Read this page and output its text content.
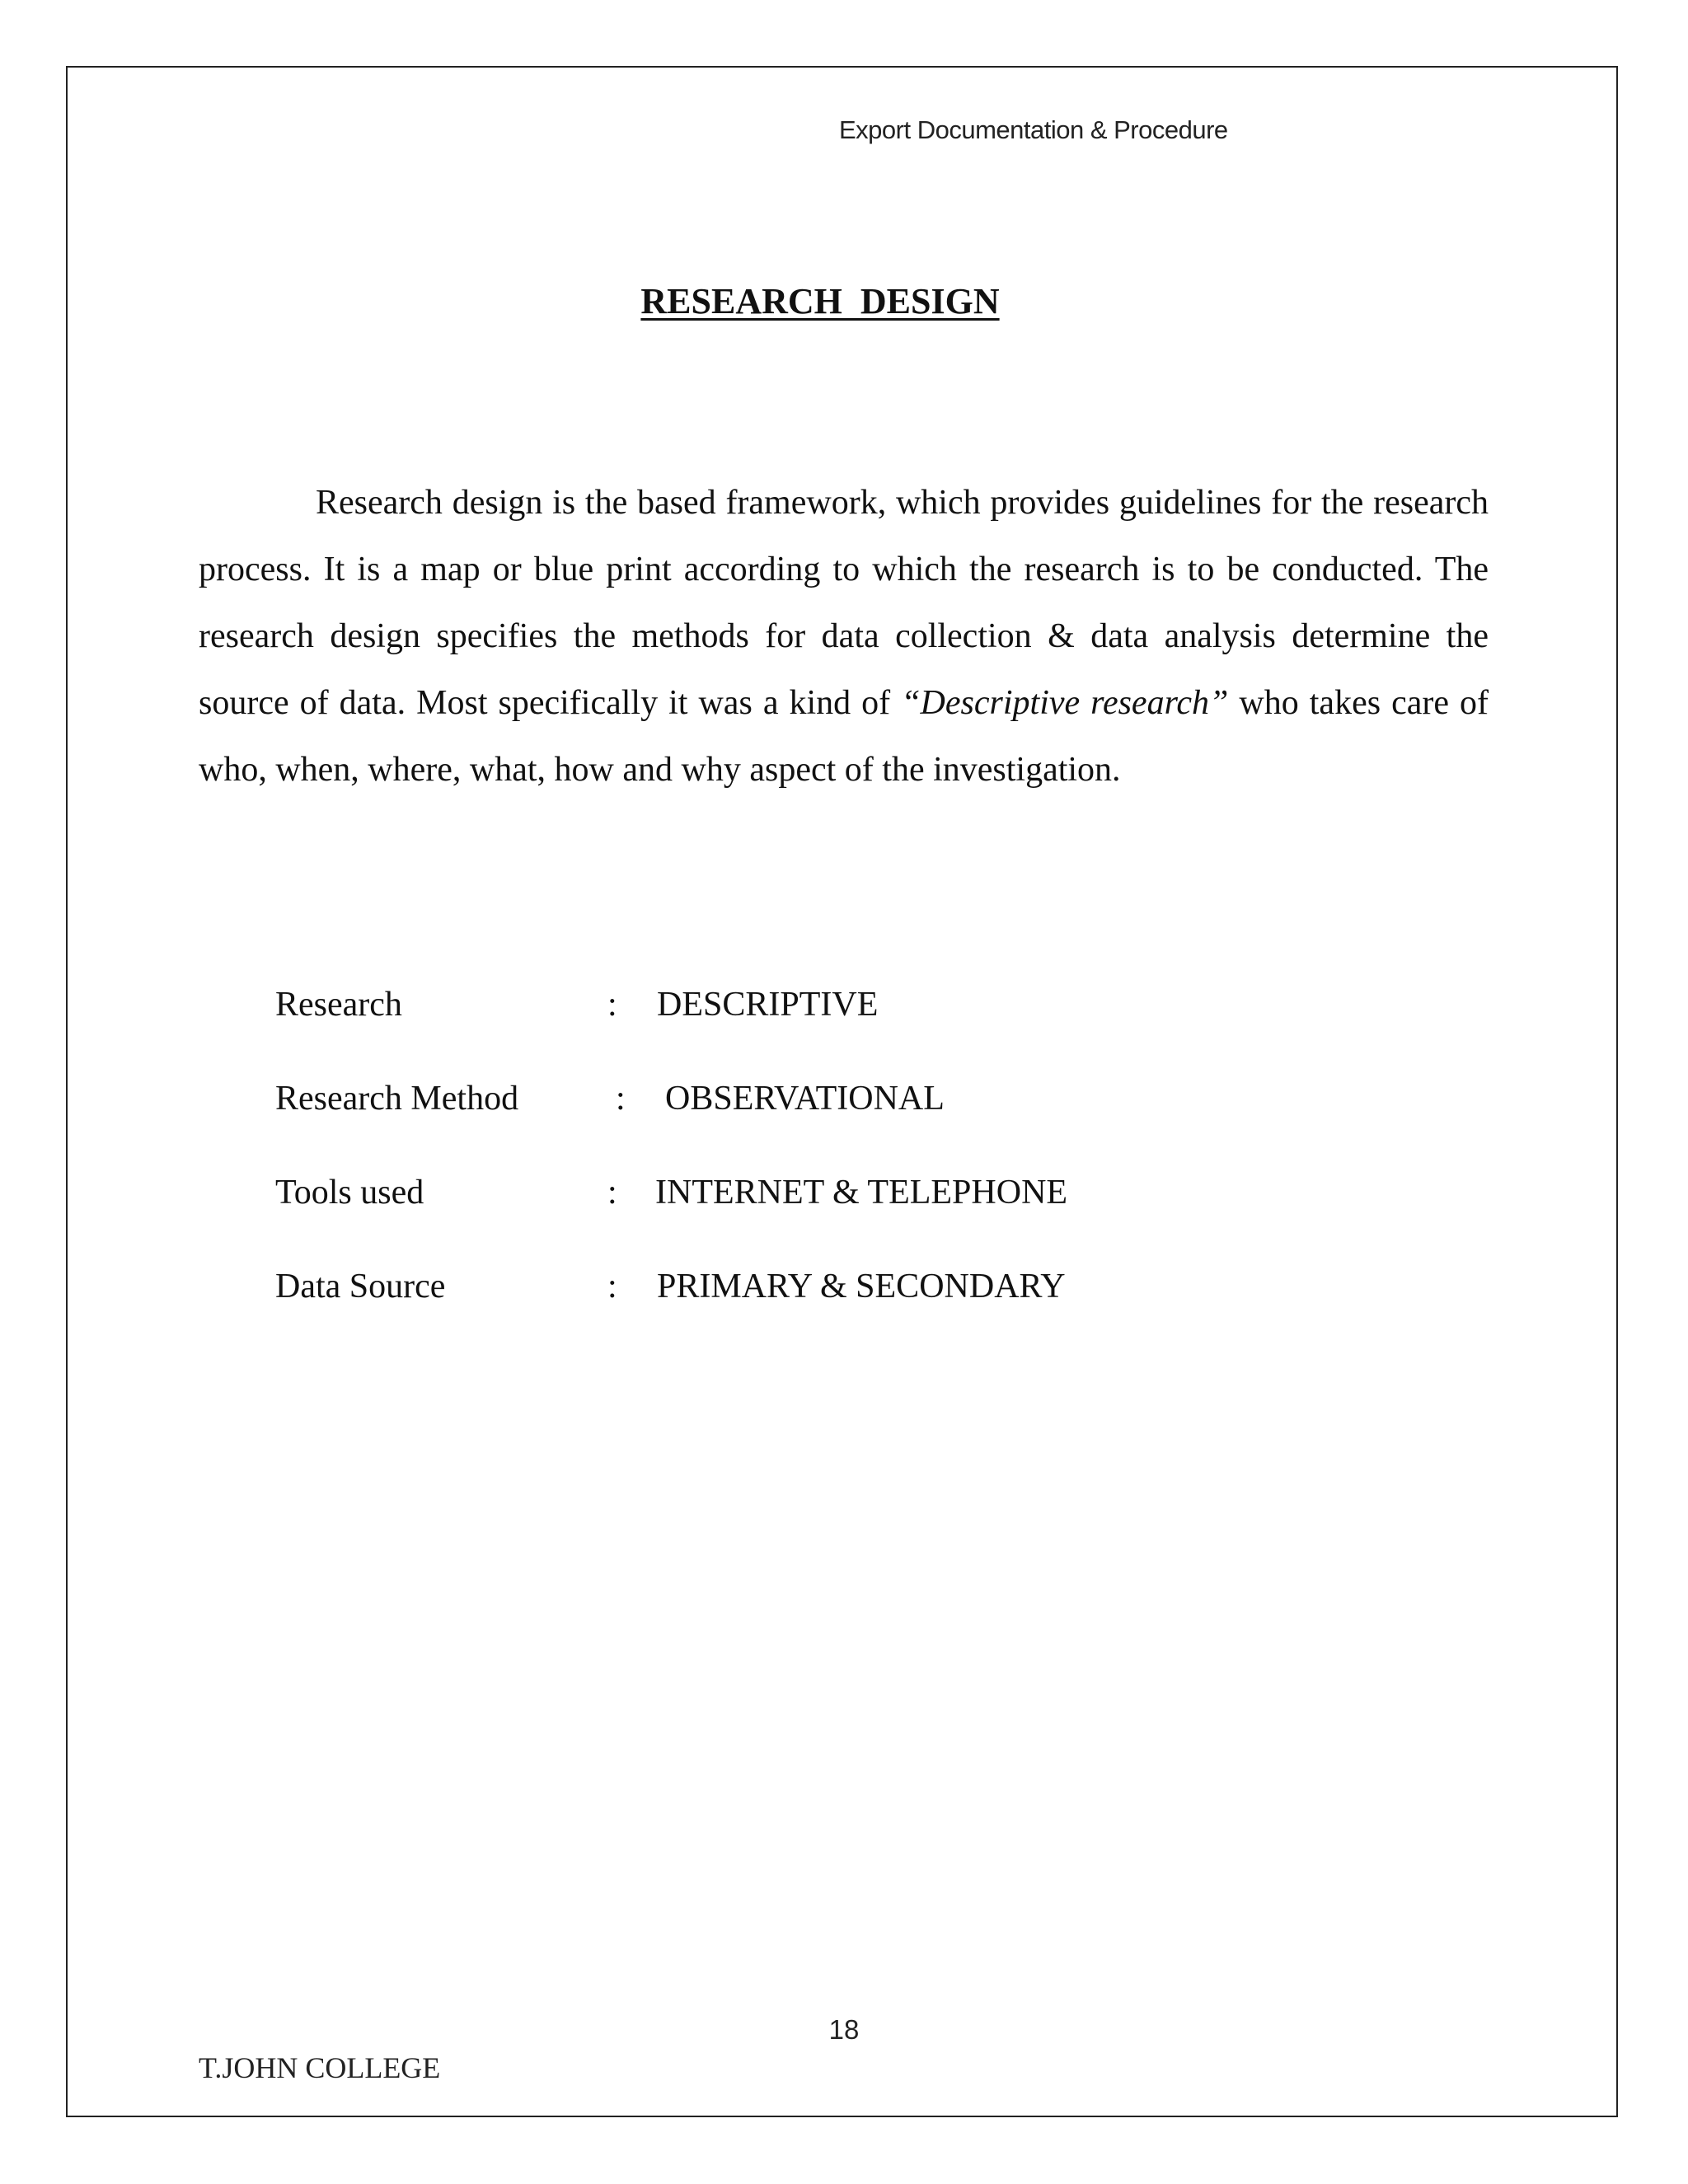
Export Documentation & Procedure
RESEARCH  DESIGN

Research design is the based framework, which provides guidelines for the research process. It is a map or blue print according to which the research is to be conducted. The research design specifies the methods for data collection & data analysis determine the source of data. Most specifically it was a kind of “Descriptive research” who takes care of who, when, where, what, how and why aspect of the investigation.

Research	:	DESCRIPTIVE
Research Method	:	OBSERVATIONAL
Tools used	:	INTERNET & TELEPHONE
Data Source	:	PRIMARY & SECONDARY
18
T.JOHN COLLEGE
